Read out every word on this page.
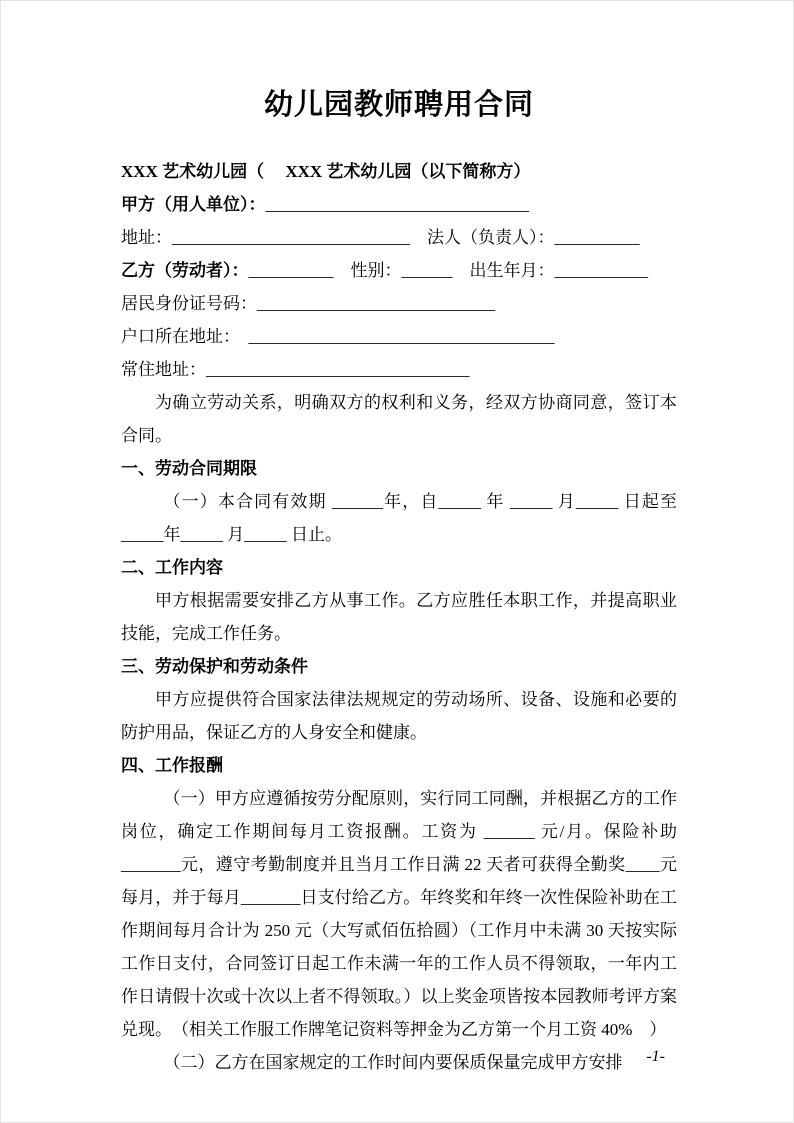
幼儿园教师聘用合同

XXX 艺术幼儿园（　 XXX 艺术幼儿园（以下简称方）

甲方（用人单位）：_______________________________

地址：____________________________　法人（负责人）：__________

乙方（劳动者）：__________　性别：______　出生年月：___________

居民身份证号码：____________________________

户口所在地址：　____________________________________

常住地址：_______________________________

为确立劳动关系，明确双方的权利和义务，经双方协商同意，签订本合同。

一、劳动合同期限

（一）本合同有效期 ______年，自_____ 年 _____ 月_____ 日起至 _____年_____ 月_____ 日止。

二、工作内容

甲方根据需要安排乙方从事工作。乙方应胜任本职工作，并提高职业技能，完成工作任务。

三、劳动保护和劳动条件

甲方应提供符合国家法律法规规定的劳动场所、设备、设施和必要的防护用品，保证乙方的人身安全和健康。

四、工作报酬

（一）甲方应遵循按劳分配原则，实行同工同酬，并根据乙方的工作岗位，确定工作期间每月工资报酬。工资为 ______ 元/月。保险补助_______元，遵守考勤制度并且当月工作日满 22 天者可获得全勤奖____元每月，并于每月_______日支付给乙方。年终奖和年终一次性保险补助在工作期间每月合计为 250 元（大写贰佰伍拾圆）（工作月中未满 30 天按实际工作日支付，合同签订日起工作未满一年的工作人员不得领取，一年内工作日请假十次或十次以上者不得领取。）以上奖金项皆按本园教师考评方案兑现。　（相关工作服工作牌笔记资料等押金为乙方第一个月工资 40%　）

（二）乙方在国家规定的工作时间内要保质保量完成甲方安排	-1-
